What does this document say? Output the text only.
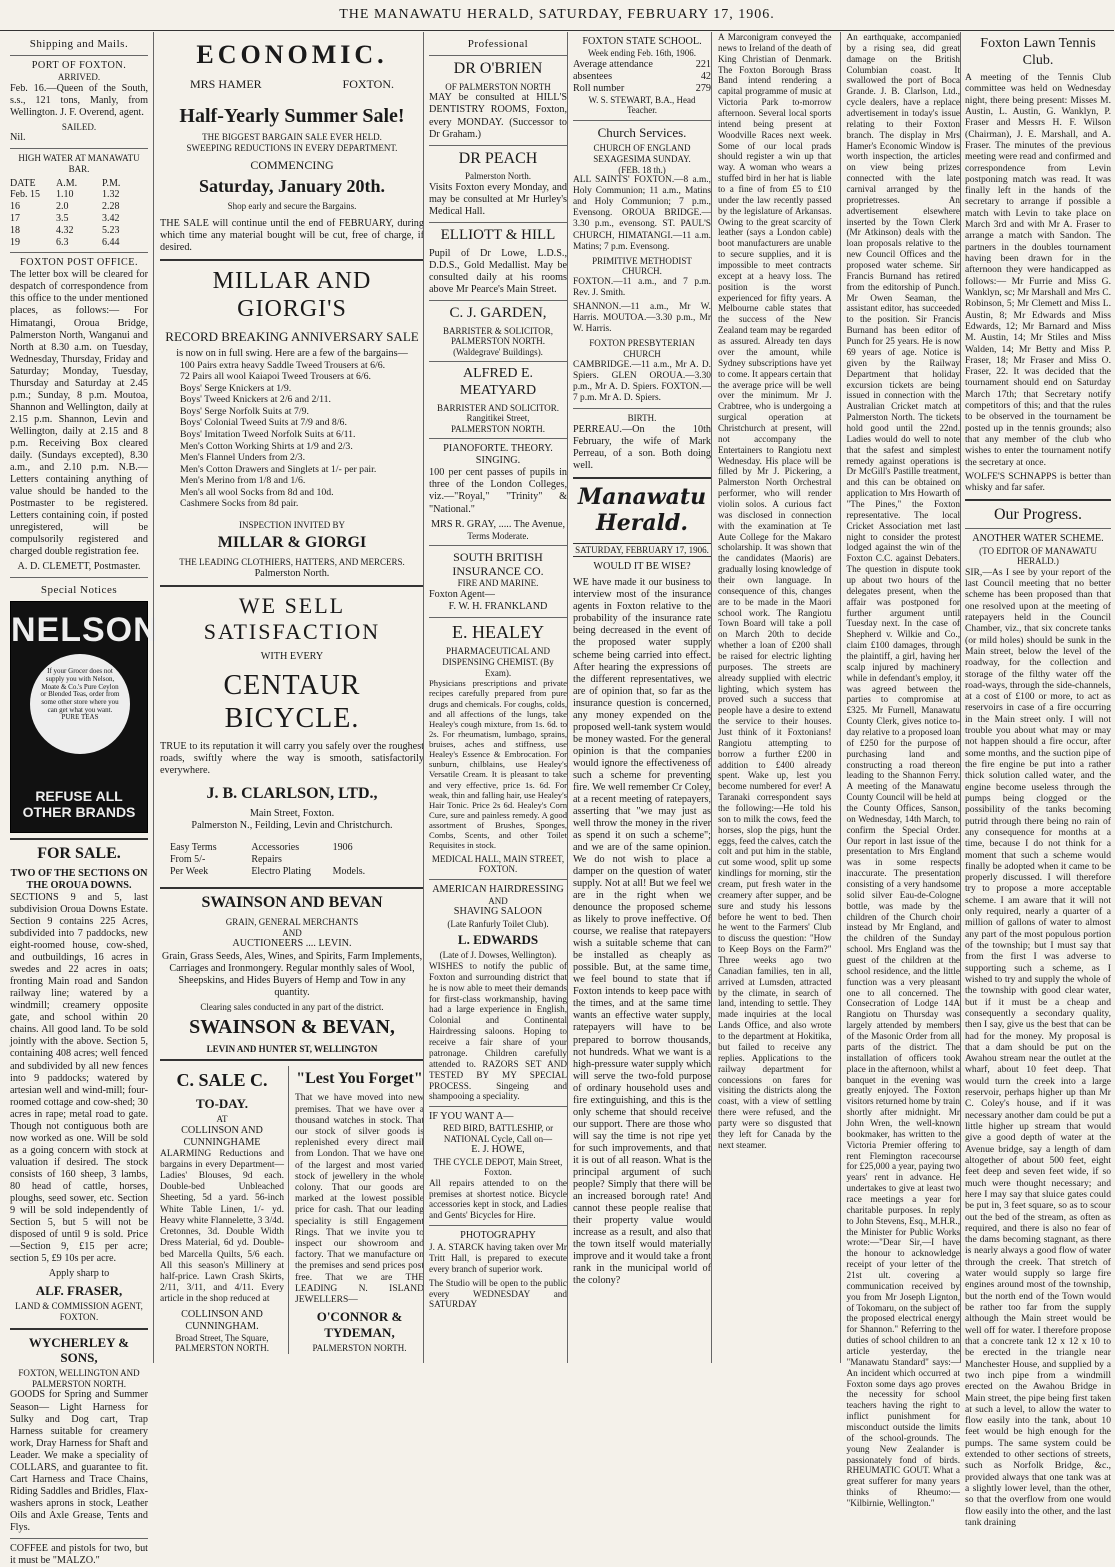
THE MANAWATU HERALD, SATURDAY, FEBRUARY 17, 1906.
Shipping and Mails.
PORT OF FOXTON.
ARRIVED.

Feb. 16.—Queen of the South, s.s., 121 tons, Manly, from Wellington. J. F. Overend, agent.

SAILED.

Nil.

HIGH WATER AT MANAWATU BAR.
DATE	A.M.	P.M.
Feb. 15	1.10	1.32
16	2.0	2.28
17	3.5	3.42
18	4.32	5.23
19	6.3	6.44
FOXTON POST OFFICE.

The letter box will be cleared for despatch of correspondence from this office to the under mentioned places, as follows:— For Himatangi, Oroua Bridge, Palmerston North, Wanganui and North at 8.30 a.m. on Tuesday, Wednesday, Thursday, Friday and Saturday; Monday, Tuesday, Thursday and Saturday at 2.45 p.m.; Sunday, 8 p.m. Moutoa, Shannon and Wellington, daily at 2.15 p.m. Shannon, Levin and Wellington, daily at 2.15 and 8 p.m. Receiving Box cleared daily. (Sundays excepted), 8.30 a.m., and 2.10 p.m. N.B.—Letters containing anything of value should be handed to the Postmaster to be registered. Letters containing coin, if posted unregistered, will be compulsorily registered and charged double registration fee.

A. D. CLEMETT, Postmaster.
Special Notices
NELSON
If your Grocer does not supply you with Nelson, Moate & Co.'s Pure Ceylon or Blended Teas, order from some other store where you can get what you want. PURE TEAS
REFUSE ALL OTHER BRANDS
FOR SALE.
TWO OF THE SECTIONS ON THE OROUA DOWNS.

SECTIONS 9 and 5, last subdivision Oroua Downs Estate. Section 9 contains 225 Acres, subdivided into 7 paddocks, new eight-roomed house, cow-shed, and outbuildings, 16 acres in swedes and 22 acres in oats; fronting Main road and Sandon railway line; watered by a windmill; creamery opposite gate, and school within 20 chains. All good land. To be sold jointly with the above. Section 5, containing 408 acres; well fenced and subdivided by all new fences into 9 paddocks; watered by artesian well and wind-mill; four-roomed cottage and cow-shed; 30 acres in rape; metal road to gate. Though not contiguous both are now worked as one. Will be sold as a going concern with stock at valuation if desired. The stock consists of 160 sheep, 3 lambs, 80 head of cattle, horses, ploughs, seed sower, etc. Section 9 will be sold independently of Section 5, but 5 will not be disposed of until 9 is sold. Price—Section 9, £15 per acre; section 5, £9 10s per acre.

Apply sharp to
ALF. FRASER,
LAND & COMMISSION AGENT, FOXTON.
WYCHERLEY & SONS,
FOXTON, WELLINGTON AND PALMERSTON NORTH.

GOODS for Spring and Summer Season— Light Harness for Sulky and Dog cart, Trap Harness suitable for creamery work, Dray Harness for Shaft and Leader. We make a speciality of COLLARS, and guarantee to fit. Cart Harness and Trace Chains, Riding Saddles and Bridles, Flax-washers aprons in stock, Leather Oils and Axle Grease, Tents and Flys.

COFFEE and pistols for two, but it must be "MALZO."

ECONOMIC.
MRS HAMER	FOXTON.
Half-Yearly Summer Sale!
THE BIGGEST BARGAIN SALE EVER HELD.
SWEEPING REDUCTIONS IN EVERY DEPARTMENT.
COMMENCING
Saturday, January 20th.
Shop early and secure the Bargains.

THE SALE will continue until the end of FEBRUARY, during which time any material bought will be cut, free of charge, if desired.

MILLAR AND GIORGI'S
RECORD BREAKING ANNIVERSARY SALE
is now on in full swing. Here are a few of the bargains—
100 Pairs extra heavy Saddle Tweed Trousers at 6/6.
72 Pairs all wool Kaiapoi Tweed Trousers at 6/6.
Boys' Serge Knickers at 1/9.
Boys' Tweed Knickers at 2/6 and 2/11.
Boys' Serge Norfolk Suits at 7/9.
Boys' Colonial Tweed Suits at 7/9 and 8/6.
Boys' Imitation Tweed Norfolk Suits at 6/11.
Men's Cotton Working Shirts at 1/9 and 2/3.
Men's Flannel Unders from 2/3.
Men's Cotton Drawers and Singlets at 1/- per pair.
Men's Merino from 1/8 and 1/6.
Men's all wool Socks from 8d and 10d.
Cashmere Socks from 8d pair.
INSPECTION INVITED BY
MILLAR & GIORGI
THE LEADING CLOTHIERS, HATTERS, AND MERCERS.
Palmerston North.
WE SELL SATISFACTION
WITH EVERY
CENTAUR BICYCLE.

TRUE to its reputation it will carry you safely over the roughest roads, swiftly where the way is smooth, satisfactorily everywhere.

J. B. CLARLSON, LTD.,
Main Street, Foxton.
Palmerston N., Feilding, Levin and Christchurch.
Easy Terms	Accessories	1906
From 5/-	Repairs
Per Week	Electro Plating	Models.
SWAINSON AND BEVAN
GRAIN, GENERAL MERCHANTS
AND
AUCTIONEERS .... LEVIN.

Grain, Grass Seeds, Ales, Wines, and Spirits, Farm Implements, Carriages and Ironmongery. Regular monthly sales of Wool, Sheepskins, and Hides Buyers of Hemp and Tow in any quantity.

Clearing sales conducted in any part of the district.
SWAINSON & BEVAN,
LEVIN AND HUNTER ST, WELLINGTON
C. SALE C.
TO-DAY.
AT
COLLINSON AND CUNNINGHAME

ALARMING Reductions and bargains in every Department— Ladies' Blouses, 9d each. Double-bed Unbleached Sheeting, 5d a yard. 56-inch White Table Linen, 1/- yd. Heavy white Flannelette, 3 3/4d. Cretonnes, 3d. Double Width Dress Material, 6d yd. Double-bed Marcella Quilts, 5/6 each. All this season's Millinery at half-price. Lawn Crash Skirts, 2/11, 3/11, and 4/11. Every article in the shop reduced at

COLLINSON AND CUNNINGHAM.
Broad Street, The Square, PALMERSTON NORTH.
"Lest You Forget"

That we have moved into new premises. That we have over a thousand watches in stock. That our stock of silver goods is replenished every direct mail from London. That we have one of the largest and most varied stock of jewellery in the whole colony. That our goods are marked at the lowest possible price for cash. That our leading speciality is still Engagement Rings. That we invite you to inspect our showroom and factory. That we manufacture on the premises and send prices post free. That we are THE LEADING N. ISLAND JEWELLERS—

O'CONNOR & TYDEMAN,
PALMERSTON NORTH.
Professional
DR O'BRIEN
OF PALMERSTON NORTH

MAY be consulted at HILL'S DENTISTRY ROOMS, Foxton, every MONDAY. (Successor to Dr Graham.)

DR PEACH
Palmerston North.

Visits Foxton every Monday, and may be consulted at Mr Hurley's Medical Hall.

ELLIOTT & HILL

Pupil of Dr Lowe, L.D.S., D.D.S., Gold Medallist. May be consulted daily at his rooms above Mr Pearce's Main Street.

C. J. GARDEN,
BARRISTER & SOLICITOR,
PALMERSTON NORTH.
(Waldegrave' Buildings).
ALFRED E. MEATYARD
BARRISTER AND SOLICITOR.
Rangitikei Street,
PALMERSTON NORTH.
PIANOFORTE. THEORY. SINGING.

100 per cent passes of pupils in three of the London Colleges, viz.—"Royal," "Trinity" & "National."

MRS R. GRAY, ..... The Avenue,
Terms Moderate.
SOUTH BRITISH INSURANCE CO.
FIRE AND MARINE.
Foxton Agent—
F. W. H. FRANKLAND
E. HEALEY
PHARMACEUTICAL AND DISPENSING CHEMIST. (By Exam).

Physicians prescriptions and private recipes carefully prepared from pure drugs and chemicals. For coughs, colds, and all affections of the lungs, take Healey's cough mixture, from 1s. 6d. to 2s. For rheumatism, lumbago, sprains, bruises, aches and stiffness, use Healey's Essence & Embrocation. For sunburn, chilblains, use Healey's Versatile Cream. It is pleasant to take and very effective, price 1s. 6d. For weak, thin and falling hair, use Healey's Hair Tonic. Price 2s 6d. Healey's Corn Cure, sure and painless remedy. A good assortment of Brushes, Sponges, Combs, Scents, and other Toilet Requisites in stock.

MEDICAL HALL, MAIN STREET, FOXTON.
AMERICAN HAIRDRESSING
AND
SHAVING SALOON
(Late Ranfurly Toilet Club).
L. EDWARDS
(Late of J. Dowses, Wellington).

WISHES to notify the public of Foxton and surrounding district that he is now able to meet their demands for first-class workmanship, having had a large experience in English, Colonial and Continental Hairdressing saloons. Hoping to receive a fair share of your patronage. Children carefully attended to. RAZORS SET AND TESTED BY MY SPECIAL PROCESS. Singeing and shampooing a speciality.

IF YOU WANT A—
RED BIRD, BATTLESHIP, or NATIONAL Cycle, Call on—
E. J. HOWE,
THE CYCLE DEPOT, Main Street, Foxton.

All repairs attended to on the premises at shortest notice. Bicycle accessories kept in stock, and Ladies and Gents' Bicycles for Hire.

PHOTOGRAPHY

J. A. STARCK having taken over Mr Tritt Hall, is prepared to execute every branch of superior work.

The Studio will be open to the public every WEDNESDAY and SATURDAY

FOXTON STATE SCHOOL.
Week ending Feb. 16th, 1906.
Average attendance	221
absentees	42
Roll number	279
W. S. STEWART, B.A., Head Teacher.
Church Services.
CHURCH OF ENGLAND
SEXAGESIMA SUNDAY.
(FEB. 18 th.)

ALL SAINTS' FOXTON.—8 a.m., Holy Communion; 11 a.m., Matins and Holy Communion; 7 p.m., Evensong. OROUA BRIDGE.—3.30 p.m., evensong. ST. PAUL'S CHURCH, HIMATANGI.—11 a.m. Matins; 7 p.m. Evensong.

PRIMITIVE METHODIST CHURCH.

FOXTON.—11 a.m., and 7 p.m. Rev. J. Smith.

SHANNON.—11 a.m., Mr W. Harris. MOUTOA.—3.30 p.m., Mr W. Harris.

FOXTON PRESBYTERIAN CHURCH

CAMBRIDGE.—11 a.m., Mr A. D. Spiers. GLEN OROUA.—3.30 p.m., Mr A. D. Spiers. FOXTON.—7 p.m. Mr A. D. Spiers.

BIRTH.

PERREAU.—On the 10th February, the wife of Mark Perreau, of a son. Both doing well.

Manawatu Herald.
SATURDAY, FEBRUARY 17, 1906.
WOULD IT BE WISE?

WE have made it our business to interview most of the insurance agents in Foxton relative to the probability of the insurance rate being decreased in the event of the proposed water supply scheme being carried into effect. After hearing the expressions of the different representatives, we are of opinion that, so far as the insurance question is concerned, any money expended on the proposed well-tank system would be money wasted. For the general opinion is that the companies would ignore the effectiveness of such a scheme for preventing fire. We well remember Cr Coley, at a recent meeting of ratepayers, asserting that "we may just as well throw the money in the river as spend it on such a scheme"; and we are of the same opinion. We do not wish to place a damper on the question of water supply. Not at all! But we feel we are in the right when we denounce the proposed scheme as likely to prove ineffective. Of course, we realise that ratepayers wish a suitable scheme that can be installed as cheaply as possible. But, at the same time, we feel bound to state that if Foxton intends to keep pace with the times, and at the same time wants an effective water supply, ratepayers will have to be prepared to borrow thousands, not hundreds. What we want is a high-pressure water supply which will serve the two-fold purpose of ordinary household uses and fire extinguishing, and this is the only scheme that should receive our support. There are those who will say the time is not ripe yet for such improvements, and that it is out of all reason. What is the principal argument of such people? Simply that there will be an increased borough rate! And cannot these people realise that their property value would increase as a result, and also that the town itself would materially improve and it would take a front rank in the municipal world of the colony?

A Marconigram conveyed the news to Ireland of the death of King Christian of Denmark. The Foxton Borough Brass Band intend rendering a capital programme of music at Victoria Park to-morrow afternoon. Several local sports intend being present at Woodville Races next week. Some of our local prads should register a win up that way. A woman who wears a stuffed bird in her hat is liable to a fine of from £5 to £10 under the law recently passed by the legislature of Arkansas. Owing to the great scarcity of leather (says a London cable) boot manufacturers are unable to secure supplies, and it is impossible to meet contracts except at a heavy loss. The position is the worst experienced for fifty years. A Melbourne cable states that the success of the New Zealand team may be regarded as assured. Already ten days over the amount, while Sydney subscriptions have yet to come. It appears certain that the average price will be well over the minimum. Mr J. Crabtree, who is undergoing a surgical operation at Christchurch at present, will not accompany the Entertainers to Rangiotu next Wednesday. His place will be filled by Mr J. Pickering, a Palmerston North Orchestral performer, who will render violin solos. A curious fact was disclosed in connection with the examination at Te Aute College for the Makaro scholarship. It was shown that the candidates (Maoris) are gradually losing knowledge of their own language. In consequence of this, changes are to be made in the Maori school work. The Rangiotu Town Board will take a poll on March 20th to decide whether a loan of £200 shall be raised for electric lighting purposes. The streets are already supplied with electric lighting, which system has proved such a success that people have a desire to extend the service to their houses. Just think of it Foxtonians! Rangiotu attempting to borrow a further £200 in addition to £400 already spent. Wake up, lest you become numbered for ever! A Taranaki correspondent says the following:—He told his son to milk the cows, feed the horses, slop the pigs, hunt the eggs, feed the calves, catch the colt and put him in the stable, cut some wood, split up some kindlings for morning, stir the cream, put fresh water in the creamery after supper, and be sure and study his lessons before he went to bed. Then he went to the Farmers' Club to discuss the question: "How to Keep Boys on the Farm?" Three weeks ago two Canadian families, ten in all, arrived at Lumsden, attracted by the climate, in search of land, intending to settle. They made inquiries at the local Lands Office, and also wrote to the department at Hokitika, but failed to receive any replies. Applications to the railway department for concessions on fares for visiting the districts along the coast, with a view of settling there were refused, and the party were so disgusted that they left for Canada by the next steamer.

An earthquake, accompanied by a rising sea, did great damage on the British Columbian coast. It swallowed the port of Boca Grande. J. B. Clarlson, Ltd., cycle dealers, have a replace advertisement in today's issue relating to their Foxton branch. The display in Mrs Hamer's Economic Window is worth inspection, the articles on view being prizes connected with the late carnival arranged by the proprietresses. An advertisement elsewhere inserted by the Town Clerk (Mr Atkinson) deals with the loan proposals relative to the new Council Offices and the proposed water scheme. Sir Francis Burnand has retired from the editorship of Punch. Mr Owen Seaman, the assistant editor, has succeeded to the position. Sir Francis Burnand has been editor of Punch for 25 years. He is now 69 years of age. Notice is given by the Railway Department that holiday excursion tickets are being issued in connection with the Australian Cricket match at Palmerston North. The tickets hold good until the 22nd. Ladies would do well to note that the safest and simplest remedy against operations is Dr McGill's Pastille treatment, and this can be obtained on application to Mrs Howarth of "The Pines," the Foxton representative. The local Cricket Association met last night to consider the protest lodged against the win of the Foxton C.C. against Debaters. The question in dispute took up about two hours of the delegates present, when the affair was postponed for further argument until Tuesday next. In the case of Shepherd v. Wilkie and Co., claim £100 damages, through the plaintiff, a girl, having her scalp injured by machinery while in defendant's employ, it was agreed between the parties to compromise at £325. Mr Furnell, Manawatu County Clerk, gives notice to-day relative to a proposed loan of £250 for the purpose of purchasing land and constructing a road thereon leading to the Shannon Ferry. A meeting of the Manawatu County Council will be held at the County Offices, Sanson, on Wednesday, 14th March, to confirm the Special Order. Our report in last issue of the presentation to Mrs England was in some respects inaccurate. The presentation consisting of a very handsome solid silver Eau-de-Cologne bottle, was made by the children of the Church choir instead by Mr England, and the children of the Sunday school. Mrs England was the guest of the children at the school residence, and the little function was a very pleasant one to all concerned. The Consecration of Lodge 14A Rangiotu on Thursday was largely attended by members of the Masonic Order from all parts of the district. The installation of officers took place in the afternoon, whilst a banquet in the evening was greatly enjoyed. The Foxton visitors returned home by train shortly after midnight. Mr John Wren, the well-known bookmaker, has written to the Victoria Premier offering to rent Flemington racecourse for £25,000 a year, paying two years' rent in advance. He undertakes to give at least two race meetings a year for charitable purposes. In reply to John Stevens, Esq., M.H.R., the Minister for Public Works wrote:—"Dear Sir,—I have the honour to acknowledge receipt of your letter of the 21st ult. covering a communication received by you from Mr Joseph Lignton, of Tokomaru, on the subject of the proposed electrical energy for Shannon." Referring to the duties of school children to an article yesterday, the "Manawatu Standard" says:—An incident which occurred at Foxton some days ago proves the necessity for school teachers having the right to inflict punishment for misconduct outside the limits of the school-grounds. The young New Zealander is passionately fond of birds. RHEUMATIC GOUT. What a great sufferer for many years thinks of Rheumo:— "Kilbirnie, Wellington."

Foxton Lawn Tennis Club.

A meeting of the Tennis Club committee was held on Wednesday night, there being present: Misses M. Austin, L. Austin, G. Wanklyn, P. Fraser and Messrs H. F. Wilson (Chairman), J. E. Marshall, and A. Fraser. The minutes of the previous meeting were read and confirmed and correspondence from Levin postponing match was read. It was finally left in the hands of the secretary to arrange if possible a match with Levin to take place on March 3rd and with Mr A. Fraser to arrange a match with Sandon. The partners in the doubles tournament having been drawn for in the afternoon they were handicapped as follows:— Mr Furrie and Miss G. Wanklyn, sc; Mr Marshall and Mrs C. Robinson, 5; Mr Clemett and Miss L. Austin, 8; Mr Edwards and Miss Edwards, 12; Mr Barnard and Miss M. Austin, 14; Mr Stiles and Miss Walden, 14; Mr Betty and Miss P. Fraser, 18; Mr Fraser and Miss O. Fraser, 22. It was decided that the tournament should end on Saturday March 17th; that Secretary notify competitors of this; and that the rules to be observed in the tournament be posted up in the tennis grounds; also that any member of the club who wishes to enter the tournament notify the secretary at once.

WOLFE'S SCHNAPPS is better than whisky and far safer.

Our Progress.
ANOTHER WATER SCHEME.
(TO EDITOR OF MANAWATU HERALD.)

SIR,—As I see by your report of the last Council meeting that no better scheme has been proposed than that one resolved upon at the meeting of ratepayers held in the Council Chamber, viz., that six concrete tanks (or mild holes) should be sunk in the Main street, below the level of the roadway, for the collection and storage of the filthy water off the road-ways, through the side-channels, at a cost of £100 or more, to act as reservoirs in case of a fire occurring in the Main street only. I will not trouble you about what may or may not happen should a fire occur, after some months, and the suction pipe of the fire engine be put into a rather thick solution called water, and the engine become useless through the pumps being clogged or the possibility of the tanks becoming putrid through there being no rain of any consequence for months at a time, because I do not think for a moment that such a scheme would finally be adopted when it came to be properly discussed. I will therefore try to propose a more acceptable scheme. I am aware that it will not only required, nearly a quarter of a million of gallons of water to almost any part of the most populous portion of the township; but I must say that from the first I was adverse to supporting such a scheme, as I wished to try and supply the whole of the township with good clear water, but if it must be a cheap and consequently a secondary quality, then I say, give us the best that can be had for the money. My proposal is that a dam should be put on the Awahou stream near the outlet at the wharf, about 10 feet deep. That would turn the creek into a large reservoir, perhaps higher up than Mr C. Coley's house, and if it was necessary another dam could be put a little higher up stream that would give a good depth of water at the Avenue bridge, say a length of dam altogether of about 500 feet, eight feet deep and seven feet wide, if so much were thought necessary; and here I may say that sluice gates could be put in, 3 feet square, so as to scour out the bed of the stream, as often as required, and there is also no fear of the dams becoming stagnant, as there is nearly always a good flow of water through the creek. That stretch of water would supply so large fire engines around most of the township, but the north end of the Town would be rather too far from the supply although the Main street would be well off for water. I therefore propose that a concrete tank 12 x 12 x 10 to be erected in the triangle near Manchester House, and supplied by a two inch pipe from a windmill erected on the Awahou Bridge in Main street, the pipe being first taken at such a level, to allow the water to flow easily into the tank, about 10 feet would be high enough for the pumps. The same system could be extended to other sections of streets, such as Norfolk Bridge, &c., provided always that one tank was at a slightly lower level, than the other, so that the overflow from one would flow easily into the other, and the last tank draining
